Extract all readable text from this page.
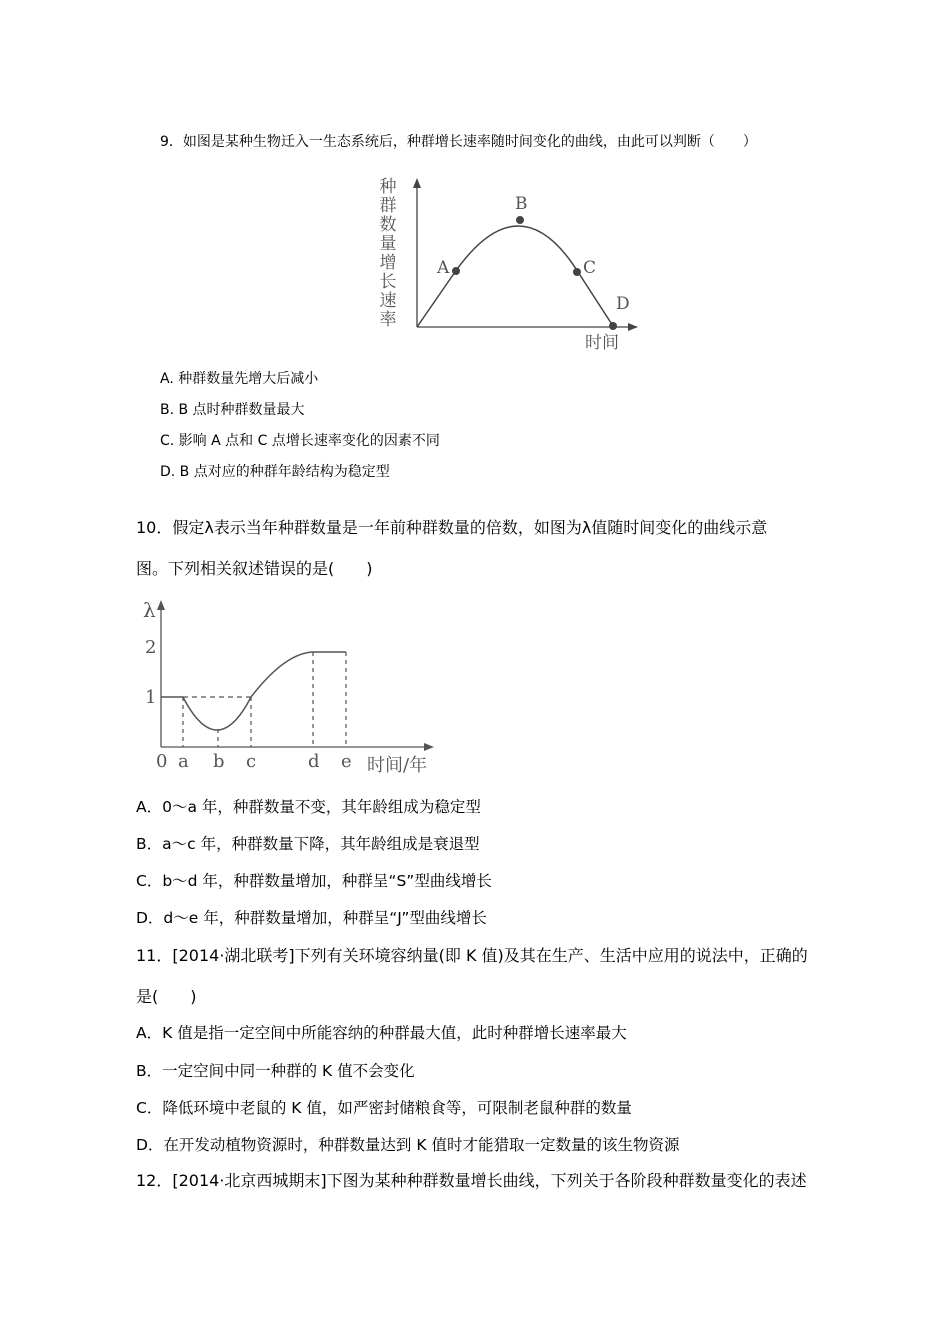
9．如图是某种生物迁入一生态系统后，种群增长速率随时间变化的曲线，由此可以判断（　　）
种
群
数
量
增
长
速
率
A
B
C
D
时间
A. 种群数量先增大后减小
B. B 点时种群数量最大
C. 影响 A 点和 C 点增长速率变化的因素不同
D. B 点对应的种群年龄结构为稳定型
10．假定λ表示当年种群数量是一年前种群数量的倍数，如图为λ值随时间变化的曲线示意
图。下列相关叙述错误的是(　　)
λ
2
1
0 a b c	d e 时间/年
A．0～a 年，种群数量不变，其年龄组成为稳定型
B．a～c 年，种群数量下降，其年龄组成是衰退型
C．b～d 年，种群数量增加，种群呈“S”型曲线增长
D．d～e 年，种群数量增加，种群呈“J”型曲线增长
11．[2014·湖北联考]下列有关环境容纳量(即 K 值)及其在生产、生活中应用的说法中，正确的
是(　　)
A．K 值是指一定空间中所能容纳的种群最大值，此时种群增长速率最大
B．一定空间中同一种群的 K 值不会变化
C．降低环境中老鼠的 K 值，如严密封储粮食等，可限制老鼠种群的数量
D．在开发动植物资源时，种群数量达到 K 值时才能猎取一定数量的该生物资源
12．[2014·北京西城期末]下图为某种种群数量增长曲线，下列关于各阶段种群数量变化的表述
